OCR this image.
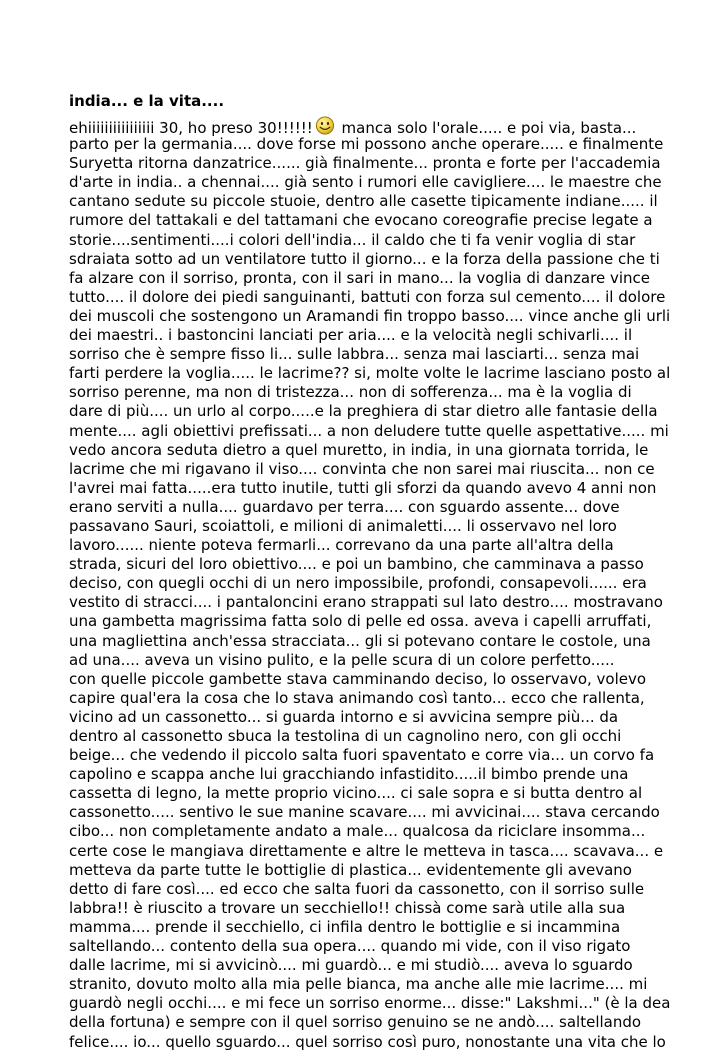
india... e la vita....
ehiiiiiiiiiiiiiiii 30, ho preso 30!!!!!! manca solo l'orale..... e poi via, basta...
parto per la germania.... dove forse mi possono anche operare..... e finalmente
Suryetta ritorna danzatrice...... già finalmente... pronta e forte per l'accademia
d'arte in india.. a chennai.... già sento i rumori elle cavigliere.... le maestre che
cantano sedute su piccole stuoie, dentro alle casette tipicamente indiane..... il
rumore del tattakali e del tattamani che evocano coreografie precise legate a
storie....sentimenti....i colori dell'india... il caldo che ti fa venir voglia di star
sdraiata sotto ad un ventilatore tutto il giorno... e la forza della passione che ti
fa alzare con il sorriso, pronta, con il sari in mano... la voglia di danzare vince
tutto.... il dolore dei piedi sanguinanti, battuti con forza sul cemento.... il dolore
dei muscoli che sostengono un Aramandi fin troppo basso.... vince anche gli urli
dei maestri.. i bastoncini lanciati per aria.... e la velocità negli schivarli.... il
sorriso che è sempre fisso li... sulle labbra... senza mai lasciarti... senza mai
farti perdere la voglia..... le lacrime?? si, molte volte le lacrime lasciano posto al
sorriso perenne, ma non di tristezza... non di sofferenza... ma è la voglia di
dare di più.... un urlo al corpo.....e la preghiera di star dietro alle fantasie della
mente.... agli obiettivi prefissati... a non deludere tutte quelle aspettative..... mi
vedo ancora seduta dietro a quel muretto, in india, in una giornata torrida, le
lacrime che mi rigavano il viso.... convinta che non sarei mai riuscita... non ce
l'avrei mai fatta.....era tutto inutile, tutti gli sforzi da quando avevo 4 anni non
erano serviti a nulla.... guardavo per terra.... con sguardo assente... dove
passavano Sauri, scoiattoli, e milioni di animaletti.... li osservavo nel loro
lavoro...... niente poteva fermarli... correvano da una parte all'altra della
strada, sicuri del loro obiettivo.... e poi un bambino, che camminava a passo
deciso, con quegli occhi di un nero impossibile, profondi, consapevoli...... era
vestito di stracci.... i pantaloncini erano strappati sul lato destro.... mostravano
una gambetta magrissima fatta solo di pelle ed ossa. aveva i capelli arruffati,
una magliettina anch'essa stracciata... gli si potevano contare le costole, una
ad una.... aveva un visino pulito, e la pelle scura di un colore perfetto.....
con quelle piccole gambette stava camminando deciso, lo osservavo, volevo
capire qual'era la cosa che lo stava animando così tanto... ecco che rallenta,
vicino ad un cassonetto... si guarda intorno e si avvicina sempre più... da
dentro al cassonetto sbuca la testolina di un cagnolino nero, con gli occhi
beige... che vedendo il piccolo salta fuori spaventato e corre via... un corvo fa
capolino e scappa anche lui gracchiando infastidito.....il bimbo prende una
cassetta di legno, la mette proprio vicino.... ci sale sopra e si butta dentro al
cassonetto..... sentivo le sue manine scavare.... mi avvicinai.... stava cercando
cibo... non completamente andato a male... qualcosa da riciclare insomma...
certe cose le mangiava direttamente e altre le metteva in tasca.... scavava... e
metteva da parte tutte le bottiglie di plastica... evidentemente gli avevano
detto di fare così.... ed ecco che salta fuori da cassonetto, con il sorriso sulle
labbra!! è riuscito a trovare un secchiello!! chissà come sarà utile alla sua
mamma.... prende il secchiello, ci infila dentro le bottiglie e si incammina
saltellando... contento della sua opera.... quando mi vide, con il viso rigato
dalle lacrime, mi si avvicinò.... mi guardò... e mi studiò.... aveva lo sguardo
stranito, dovuto molto alla mia pelle bianca, ma anche alle mie lacrime.... mi
guardò negli occhi.... e mi fece un sorriso enorme... disse:" Lakshmi..." (è la dea
della fortuna) e sempre con il quel sorriso genuino se ne andò.... saltellando
felice.... io... quello sguardo... quel sorriso così puro, nonostante una vita che lo
